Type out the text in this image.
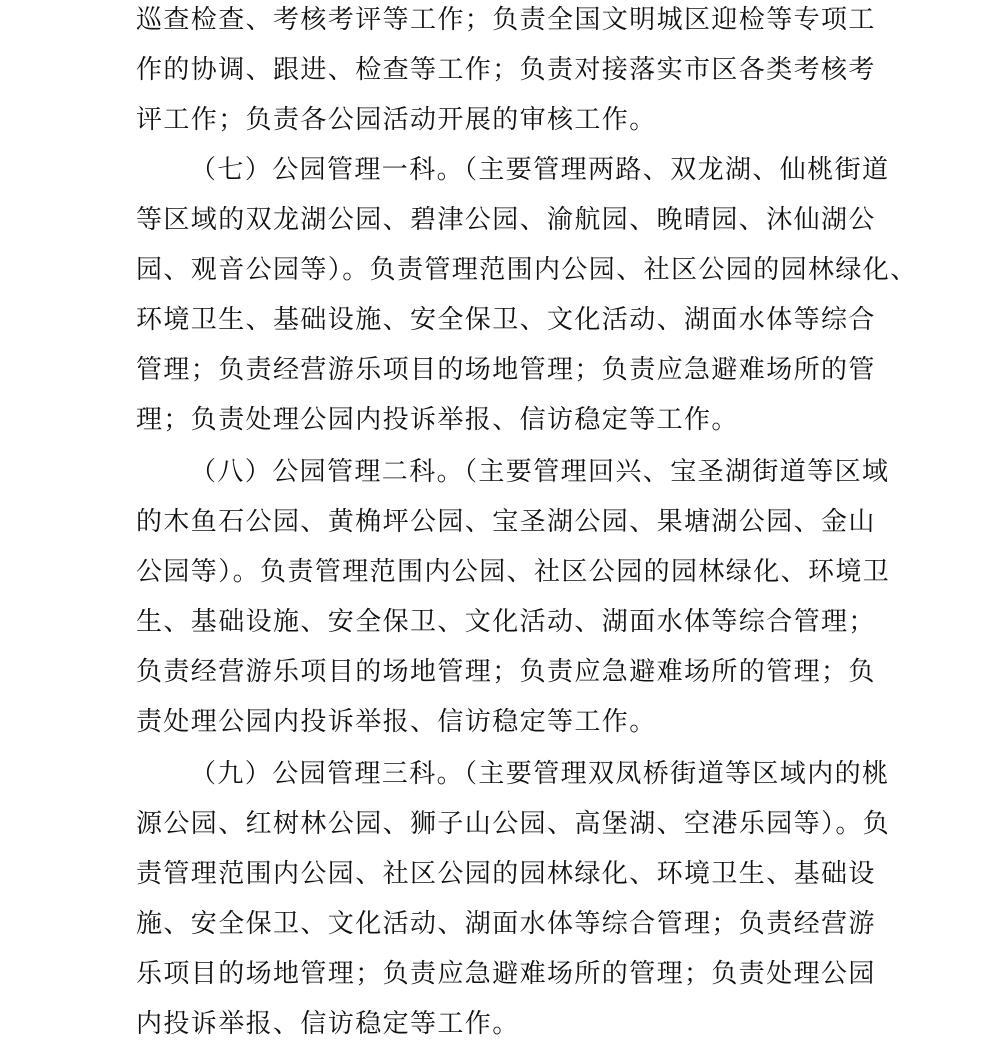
巡查检查、考核考评等工作；负责全国文明城区迎检等专项工
作的协调、跟进、检查等工作；负责对接落实市区各类考核考
评工作；负责各公园活动开展的审核工作。
（七）公园管理一科。（主要管理两路、双龙湖、仙桃街道
等区域的双龙湖公园、碧津公园、渝航园、晚晴园、沐仙湖公
园、观音公园等）。负责管理范围内公园、社区公园的园林绿化、
环境卫生、基础设施、安全保卫、文化活动、湖面水体等综合
管理；负责经营游乐项目的场地管理；负责应急避难场所的管
理；负责处理公园内投诉举报、信访稳定等工作。
（八）公园管理二科。（主要管理回兴、宝圣湖街道等区域
的木鱼石公园、黄桷坪公园、宝圣湖公园、果塘湖公园、金山
公园等）。负责管理范围内公园、社区公园的园林绿化、环境卫
生、基础设施、安全保卫、文化活动、湖面水体等综合管理；
负责经营游乐项目的场地管理；负责应急避难场所的管理；负
责处理公园内投诉举报、信访稳定等工作。
（九）公园管理三科。（主要管理双凤桥街道等区域内的桃
源公园、红树林公园、狮子山公园、高堡湖、空港乐园等）。负
责管理范围内公园、社区公园的园林绿化、环境卫生、基础设
施、安全保卫、文化活动、湖面水体等综合管理；负责经营游
乐项目的场地管理；负责应急避难场所的管理；负责处理公园
内投诉举报、信访稳定等工作。
